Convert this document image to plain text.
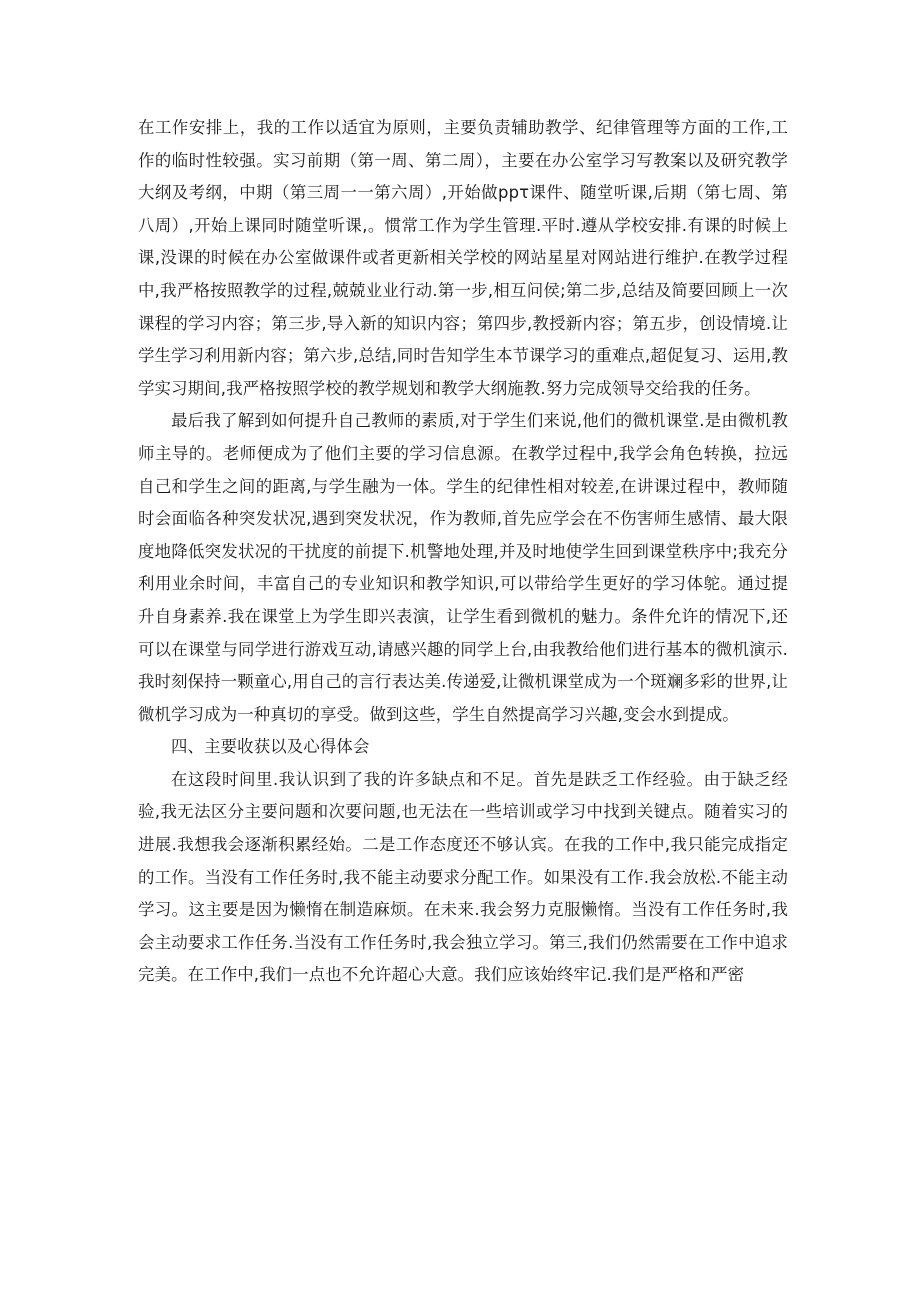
在工作安排上，我的工作以适宜为原则，主要负责辅助教学、纪律管理等方面的工作,工作的临时性较强。实习前期（第一周、第二周），主要在办公室学习写教案以及研究教学大纲及考纲，中期（第三周一一第六周）,开始做ppτ课件、随堂听课,后期（第七周、第八周）,开始上课同时随堂听课,。惯常工作为学生管理.平时.遵从学校安排.有课的时候上课,没课的时候在办公室做课件或者更新相关学校的网站星星对网站进行维护.在教学过程中,我严格按照教学的过程,兢兢业业行动.第一步,相互问侯;第二步,总结及简要回顾上一次课程的学习内容；第三步,导入新的知识内容；第四步,教授新内容；第五步，创设情境.让学生学习利用新内容；第六步,总结,同时告知学生本节课学习的重难点,超促复习、运用,教学实习期间,我严格按照学校的教学规划和教学大纲施教.努力完成领导交给我的任务。

最后我了解到如何提升自己教师的素质,对于学生们来说,他们的微机课堂.是由微机教师主导的。老师便成为了他们主要的学习信息源。在教学过程中,我学会角色转换，拉远自己和学生之间的距离,与学生融为一体。学生的纪律性相对较差,在讲课过程中，教师随时会面临各种突发状况,遇到突发状况，作为教师,首先应学会在不伤害师生感情、最大限度地降低突发状况的干扰度的前提下.机警地处理,并及时地使学生回到课堂秩序中;我充分利用业余时间，丰富自己的专业知识和教学知识,可以带给学生更好的学习体鸵。通过提升自身素养.我在课堂上为学生即兴表演，让学生看到微机的魅力。条件允许的情况下,还可以在课堂与同学进行游戏互动,请感兴趣的同学上台,由我教给他们进行基本的微机演示.我时刻保持一颗童心,用自己的言行表达美.传递爱,让微机课堂成为一个斑斓多彩的世界,让微机学习成为一种真切的享受。做到这些，学生自然提高学习兴趣,变会水到提成。

四、主要收获以及心得体会

在这段时间里.我认识到了我的许多缺点和不足。首先是趺乏工作经验。由于缺乏经验,我无法区分主要问题和次要问题,也无法在一些培训或学习中找到关键点。随着实习的进展.我想我会逐渐积累经始。二是工作态度还不够认宾。在我的工作中,我只能完成指定的工作。当没有工作任务时,我不能主动要求分配工作。如果没有工作.我会放松.不能主动学习。这主要是因为懒惰在制造麻烦。在未来.我会努力克服懒惰。当没有工作任务时,我会主动要求工作任务.当没有工作任务时,我会独立学习。第三,我们仍然需要在工作中追求完美。在工作中,我们一点也不允许超心大意。我们应该始终牢记.我们是严格和严密
